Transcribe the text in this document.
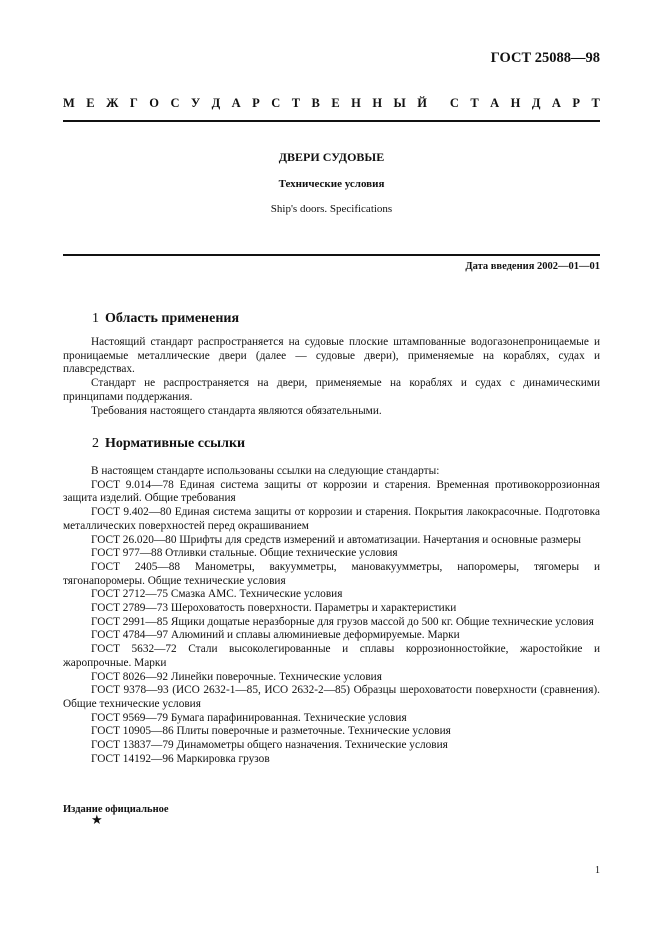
ГОСТ 25088—98
М Е Ж Г О С У Д А Р С Т В Е Н Н Ы Й С Т А Н Д А Р Т
ДВЕРИ СУДОВЫЕ
Технические условия
Ship's doors. Specifications
Дата введения 2002—01—01
1 Область применения

Настоящий стандарт распространяется на судовые плоские штампованные водогазонепроницаемые и проницаемые металлические двери (далее — судовые двери), применяемые на кораблях, судах и плавсредствах.

Стандарт не распространяется на двери, применяемые на кораблях и судах с динамическими принципами поддержания.

Требования настоящего стандарта являются обязательными.

2 Нормативные ссылки

В настоящем стандарте использованы ссылки на следующие стандарты:

ГОСТ 9.014—78 Единая система защиты от коррозии и старения. Временная противокоррозионная защита изделий. Общие требования

ГОСТ 9.402—80 Единая система защиты от коррозии и старения. Покрытия лакокрасочные. Подготовка металлических поверхностей перед окрашиванием

ГОСТ 26.020—80 Шрифты для средств измерений и автоматизации. Начертания и основные размеры

ГОСТ 977—88 Отливки стальные. Общие технические условия

ГОСТ 2405—88 Манометры, вакуумметры, мановакуумметры, напоромеры, тягомеры и тягонапоромеры. Общие технические условия

ГОСТ 2712—75 Смазка АМС. Технические условия

ГОСТ 2789—73 Шероховатость поверхности. Параметры и характеристики

ГОСТ 2991—85 Ящики дощатые неразборные для грузов массой до 500 кг. Общие технические условия

ГОСТ 4784—97 Алюминий и сплавы алюминиевые деформируемые. Марки

ГОСТ 5632—72 Стали высоколегированные и сплавы коррозионностойкие, жаростойкие и жаропрочные. Марки

ГОСТ 8026—92 Линейки поверочные. Технические условия

ГОСТ 9378—93 (ИСО 2632-1—85, ИСО 2632-2—85) Образцы шероховатости поверхности (сравнения). Общие технические условия

ГОСТ 9569—79 Бумага парафинированная. Технические условия

ГОСТ 10905—86 Плиты поверочные и разметочные. Технические условия

ГОСТ 13837—79 Динамометры общего назначения. Технические условия

ГОСТ 14192—96 Маркировка грузов

Издание официальное
★
1
